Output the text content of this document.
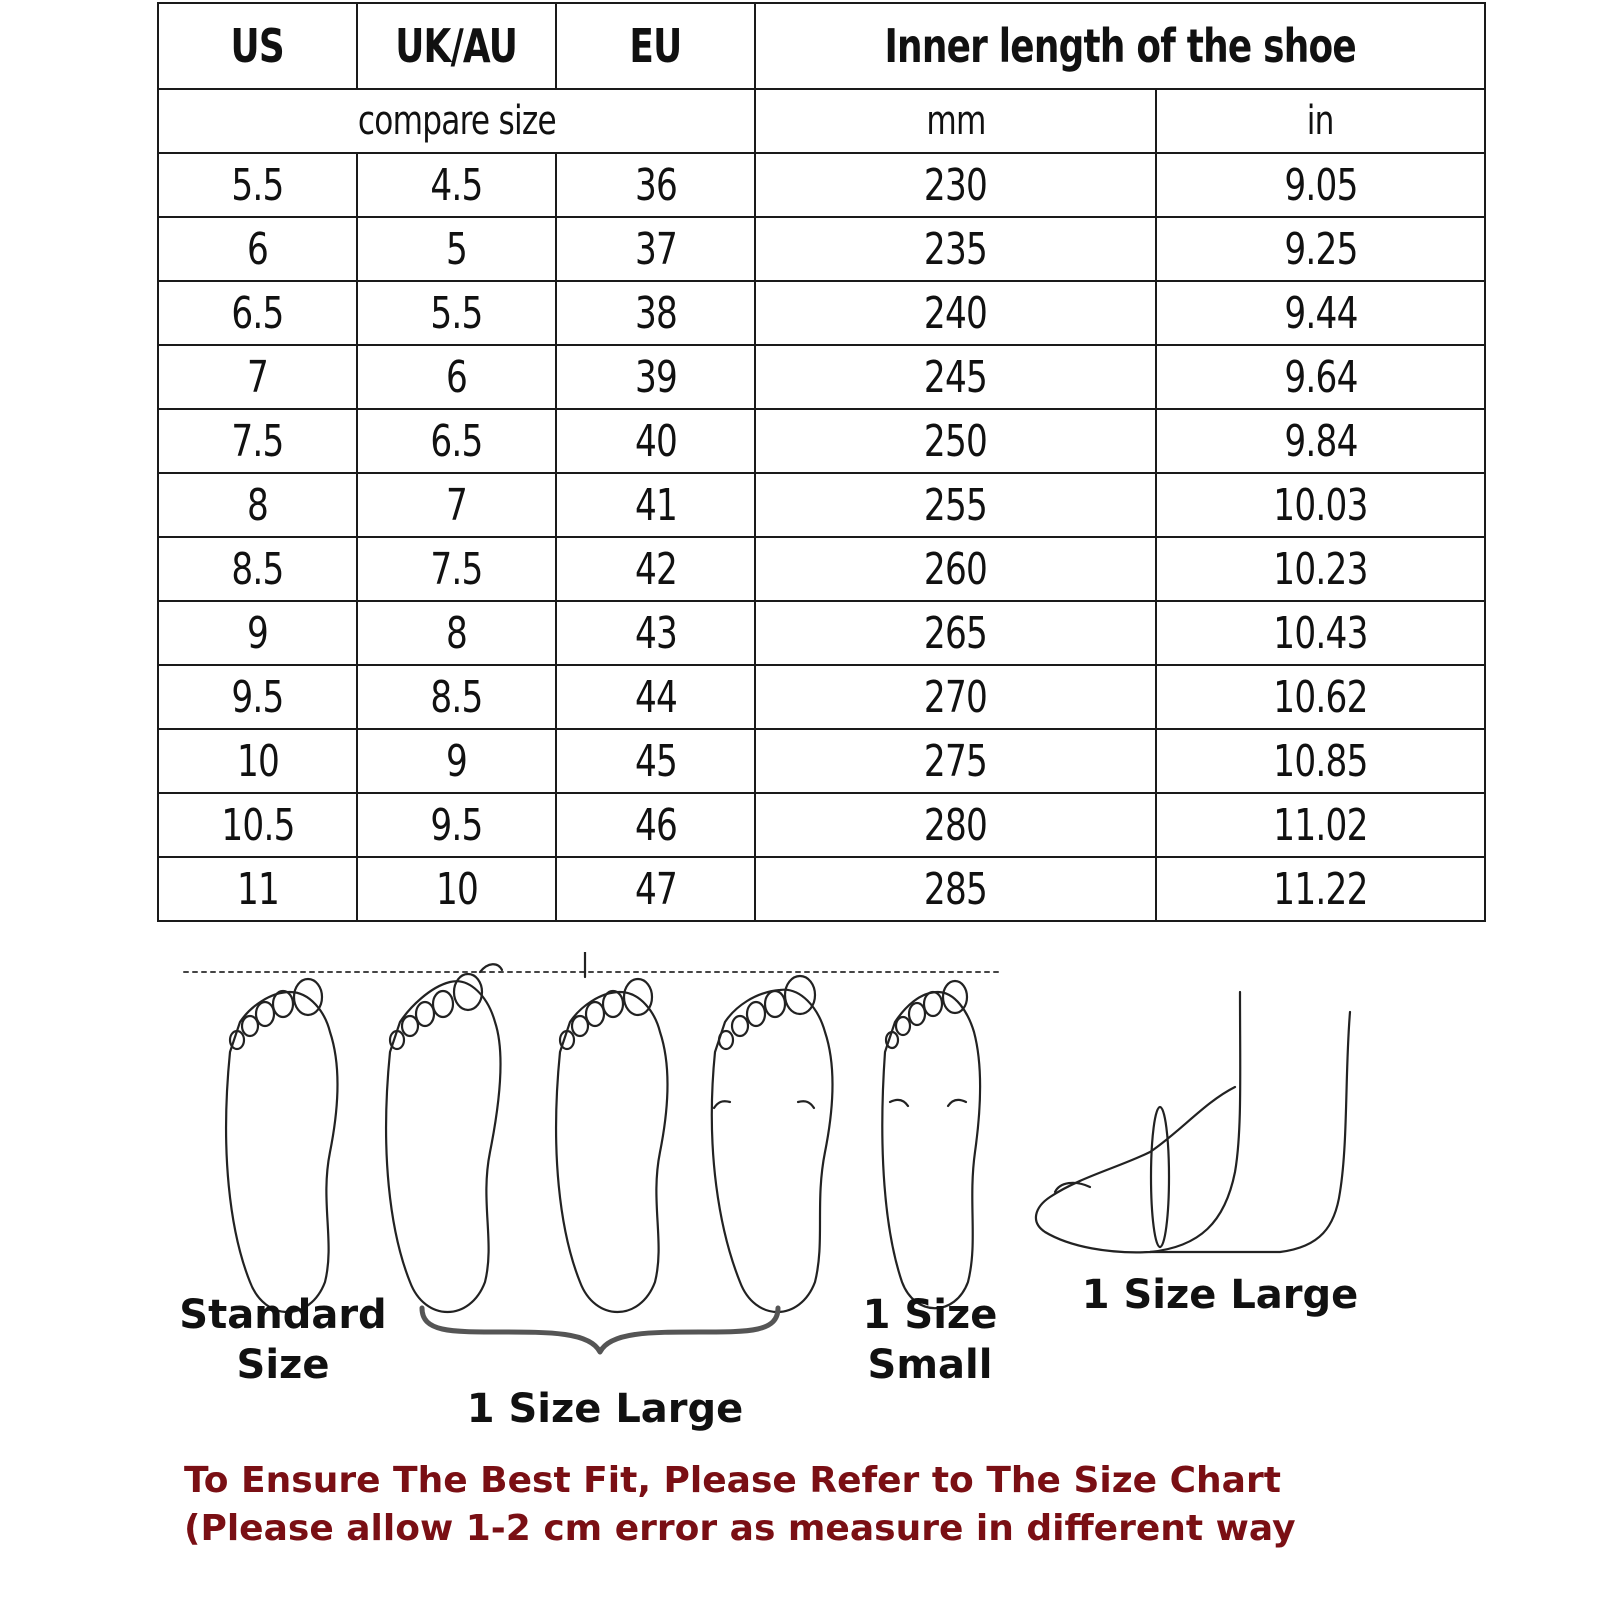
US	UK/AU	EU	Inner length of the shoe	
compare size			mm	in
5.5	4.5	36	230	9.05
6	5	37	235	9.25
6.5	5.5	38	240	9.44
7	6	39	245	9.64
7.5	6.5	40	250	9.84
8	7	41	255	10.03
8.5	7.5	42	260	10.23
9	8	43	265	10.43
9.5	8.5	44	270	10.62
10	9	45	275	10.85
10.5	9.5	46	280	11.02
11	10	47	285	11.22
Standard
Size
1 Size Large
1 Size
Small
1 Size Large
To Ensure The Best Fit, Please Refer to The Size Chart
(Please allow 1-2 cm error as measure in different way
